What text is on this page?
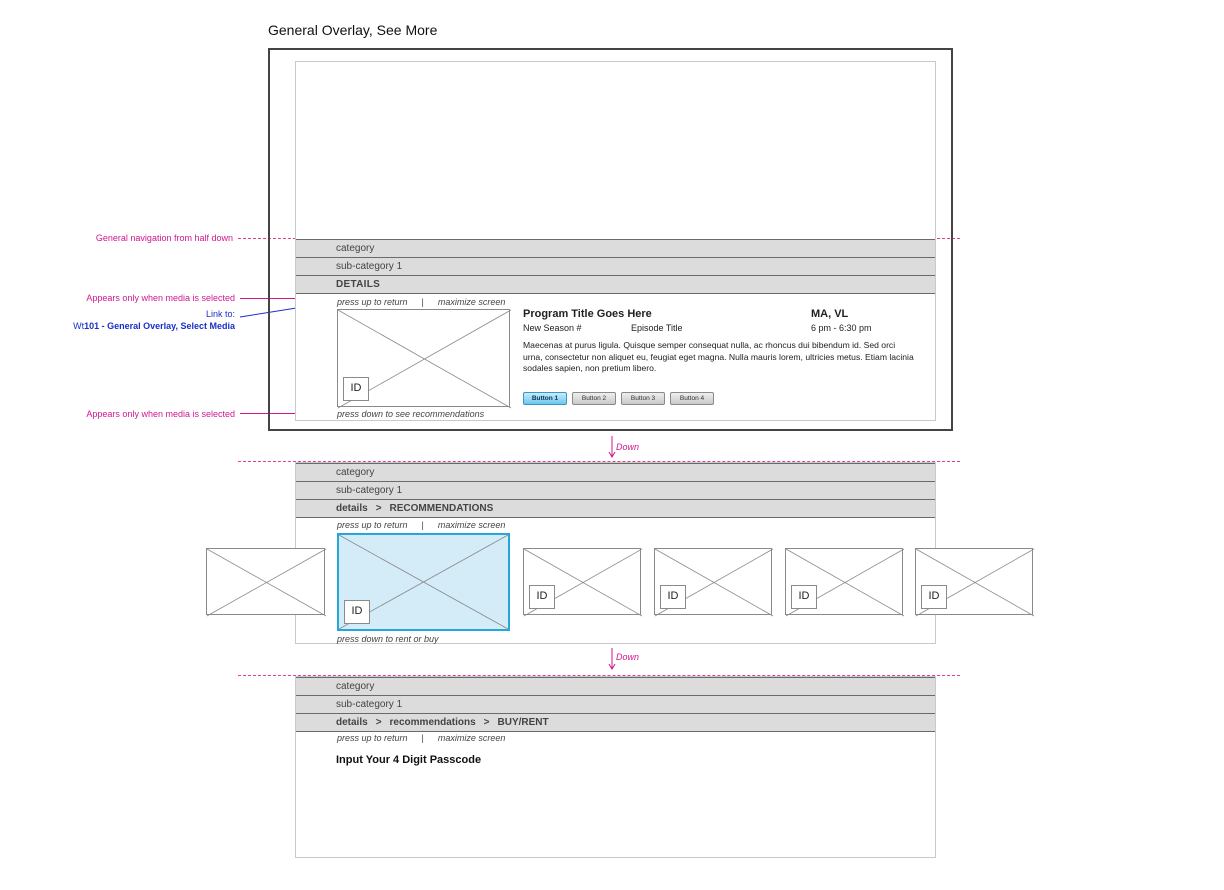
General Overlay, See More
General navigation from half down
Appears only when media is selected
Link to:
Wt101 - General Overlay, Select Media
Appears only when media is selected
category
sub-category 1
DETAILS
press up to return | maximize screen
ID
Program Title Goes Here	MA, VL
New Season #	Episode Title	6 pm - 6:30 pm
Maecenas at purus ligula. Quisque semper consequat nulla, ac rhoncus dui bibendum id. Sed orci urna, consectetur non aliquet eu, feugiat eget magna. Nulla mauris lorem, ultricies metus. Etiam lacinia sodales sapien, non pretium libero.
Button 1	Button 2	Button 3	Button 4
press down to see recommendations
Down
category
sub-category 1
details > RECOMMENDATIONS
press up to return | maximize screen
ID
ID	ID	ID	ID
press down to rent or buy
Down
category
sub-category 1
details > recommendations > BUY/RENT
press up to return | maximize screen
Input Your 4 Digit Passcode
